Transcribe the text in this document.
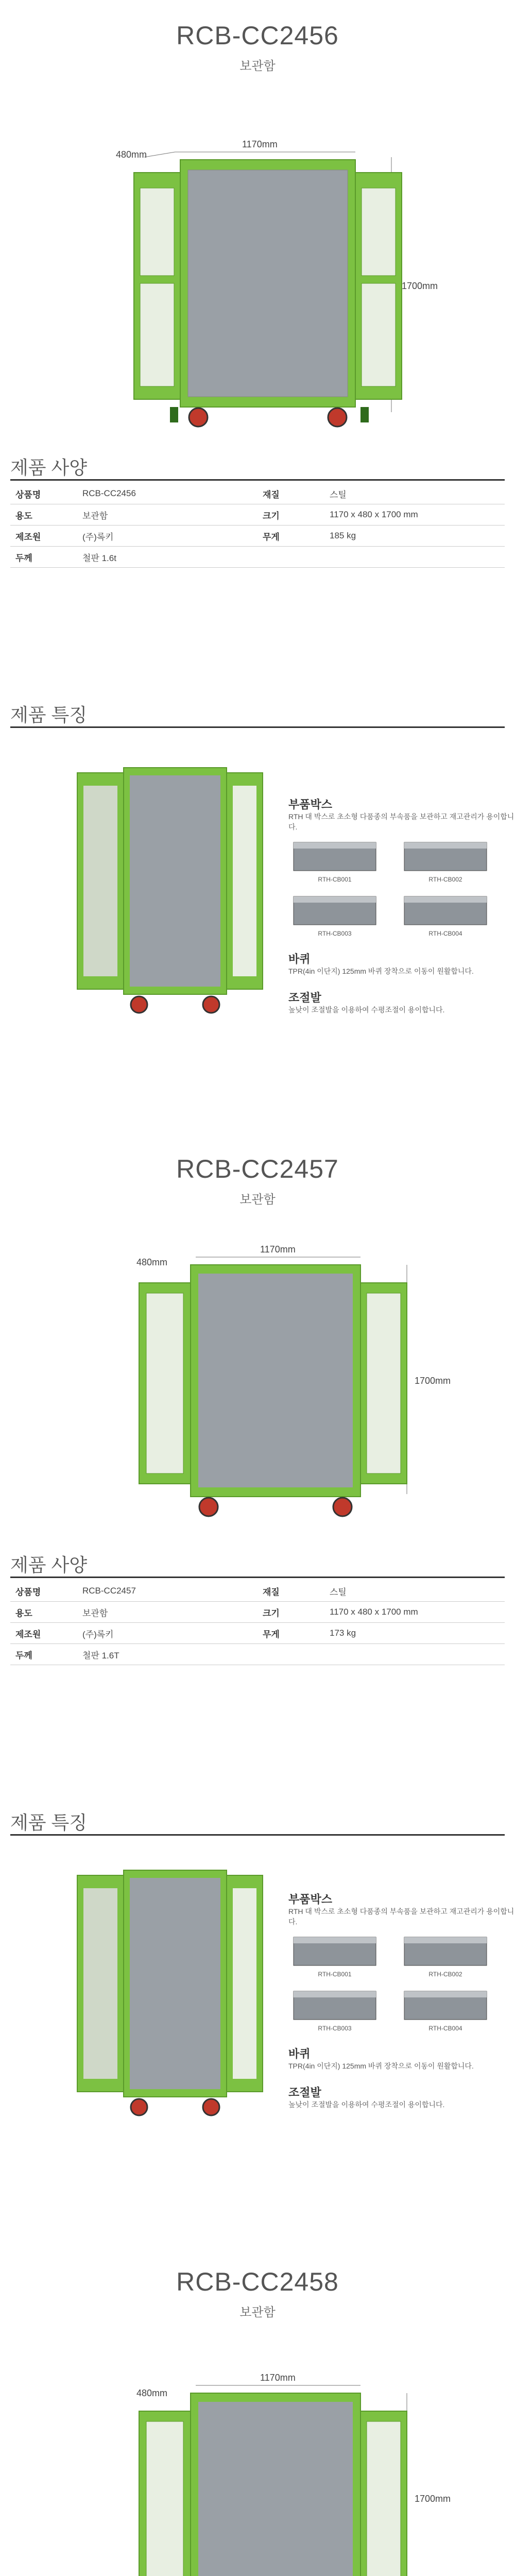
RCB-CC2456
보관함
480mm
1170mm
1700mm
제품 사양
상품명	RCB-CC2456	재질	스틸
용도	보관함	크기	1170 x 480 x 1700 mm
제조원	(주)록키	무게	185 kg
두께	철판 1.6t		
제품 특징
부품박스
RTH 대 박스로 초소형 다품종의 부속품을 보관하고 재고관리가 용이합니다.
RTH-CB001	RTH-CB002
RTH-CB003	RTH-CB004
바퀴
TPR(4in 이단지) 125mm 바퀴 장착으로 이동이 원활합니다.
조절발
높낮이 조절발을 이용하여 수평조절이 용이합니다.
RCB-CC2457
보관함
480mm
1170mm
1700mm
제품 사양
상품명	RCB-CC2457	재질	스틸
용도	보관함	크기	1170 x 480 x 1700 mm
제조원	(주)록키	무게	173 kg
두께	철판 1.6T		
제품 특징
부품박스
RTH 대 박스로 초소형 다품종의 부속품을 보관하고 재고관리가 용이합니다.
RTH-CB001	RTH-CB002
RTH-CB003	RTH-CB004
바퀴
TPR(4in 이단지) 125mm 바퀴 장착으로 이동이 원활합니다.
조절발
높낮이 조절발을 이용하여 수평조절이 용이합니다.
RCB-CC2458
보관함
480mm
1170mm
1700mm
